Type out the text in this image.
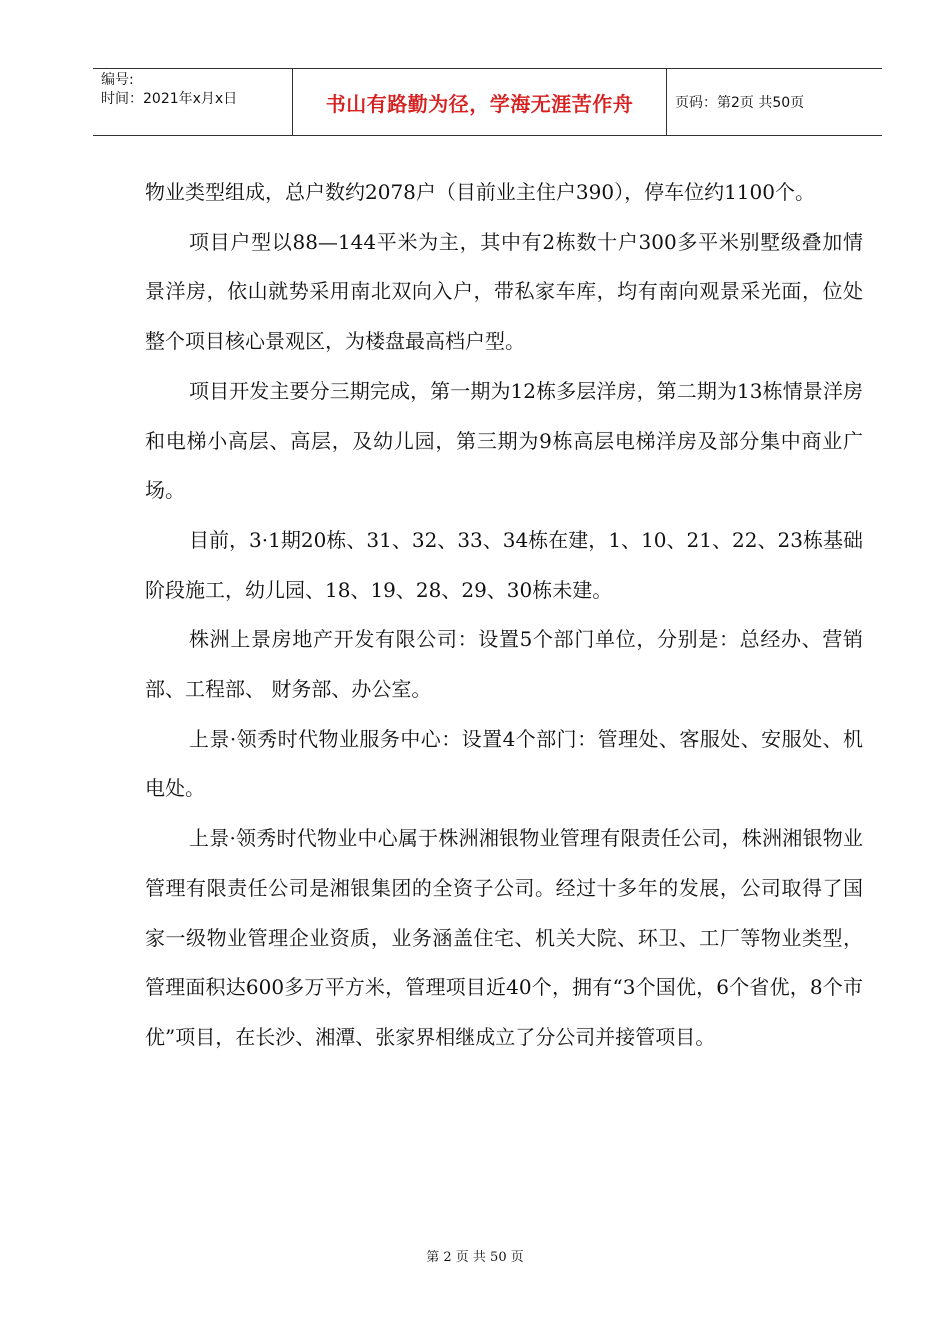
编号:
时间：2021年x月x日	书山有路勤为径，学海无涯苦作舟	页码：第2页 共50页

物业类型组成，总户数约2078户（目前业主住户390），停车位约1100个。

项目户型以88—144平米为主，其中有2栋数十户300多平米别墅级叠加情景洋房，依山就势采用南北双向入户，带私家车库，均有南向观景采光面，位处整个项目核心景观区，为楼盘最高档户型。

项目开发主要分三期完成，第一期为12栋多层洋房，第二期为13栋情景洋房和电梯小高层、高层，及幼儿园，第三期为9栋高层电梯洋房及部分集中商业广场。

目前，3·1期20栋、31、32、33、34栋在建，1、10、21、22、23栋基础阶段施工，幼儿园、18、19、28、29、30栋未建。

株洲上景房地产开发有限公司：设置5个部门单位，分别是：总经办、营销部、工程部、 财务部、办公室。

上景·领秀时代物业服务中心：设置4个部门：管理处、客服处、安服处、机电处。

上景·领秀时代物业中心属于株洲湘银物业管理有限责任公司，株洲湘银物业管理有限责任公司是湘银集团的全资子公司。经过十多年的发展，公司取得了国家一级物业管理企业资质，业务涵盖住宅、机关大院、环卫、工厂等物业类型，管理面积达600多万平方米，管理项目近40个，拥有“3个国优，6个省优，8个市优”项目，在长沙、湘潭、张家界相继成立了分公司并接管项目。

第 2 页 共 50 页
